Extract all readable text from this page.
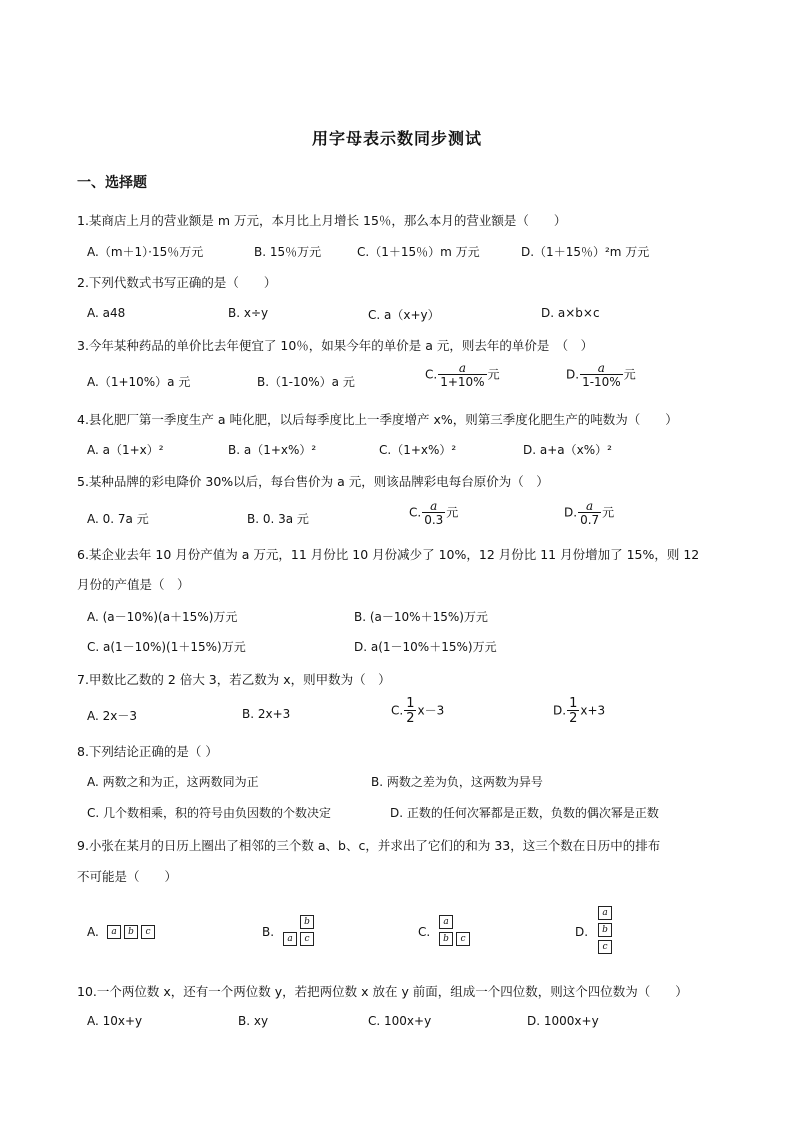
用字母表示数同步测试
一、选择题
1.某商店上月的营业额是 m 万元，本月比上月增长 15％，那么本月的营业额是（　　）
A.（m＋1）·15％万元	B. 15％万元	C.（1＋15％）m 万元	D.（1＋15％）²m 万元
2.下列代数式书写正确的是（　　）
A. a48	B. x÷y	C. a（x+y）	D. a×b×c
3.今年某种药品的单价比去年便宜了 10％，如果今年的单价是 a 元，则去年的单价是　（　）
A.（1+10%）a 元	B.（1-10%）a 元
C. $\frac{a}{1+10\%}$ 元	D. $\frac{a}{1-10\%}$ 元
4.县化肥厂第一季度生产 a 吨化肥，以后每季度比上一季度增产 x%，则第三季度化肥生产的吨数为（　　）
A. a（1+x）²	B. a（1+x%）²	C.（1+x%）²	D. a+a（x%）²
5.某种品牌的彩电降价 30%以后，每台售价为 a 元，则该品牌彩电每台原价为（　）
A. 0. 7a 元	B. 0. 3a 元	C. $\frac{a}{0.3}$ 元	D. $\frac{a}{0.7}$ 元
6.某企业去年 10 月份产值为 a 万元，11 月份比 10 月份减少了 10%，12 月份比 11 月份增加了 15%，则 12
月份的产值是（　）
A. (a－10%)(a＋15%)万元	B. (a－10%＋15%)万元
C. a(1－10%)(1＋15%)万元	D. a(1－10%＋15%)万元
7.甲数比乙数的 2 倍大 3，若乙数为 x，则甲数为（　）
A. 2x－3	B. 2x+3	C. $\frac{1}{2} x-3$	D. $\frac{1}{2} x+3$
8.下列结论正确的是（ ）
A. 两数之和为正，这两数同为正	B. 两数之差为负，这两数为异号
C. 几个数相乘，积的符号由负因数的个数决定	D. 正数的任何次幂都是正数，负数的偶次幂是正数
9.小张在某月的日历上圈出了相邻的三个数 a、b、c，并求出了它们的和为 33，这三个数在日历中的排布
不可能是（　　）
A.	a	b	c	B.
b
a	c	C.
a
b	c	D.
a
b
c
10.一个两位数 x，还有一个两位数 y，若把两位数 x 放在 y 前面，组成一个四位数，则这个四位数为（　　）
A. 10x+y	B. xy	C. 100x+y	D. 1000x+y
